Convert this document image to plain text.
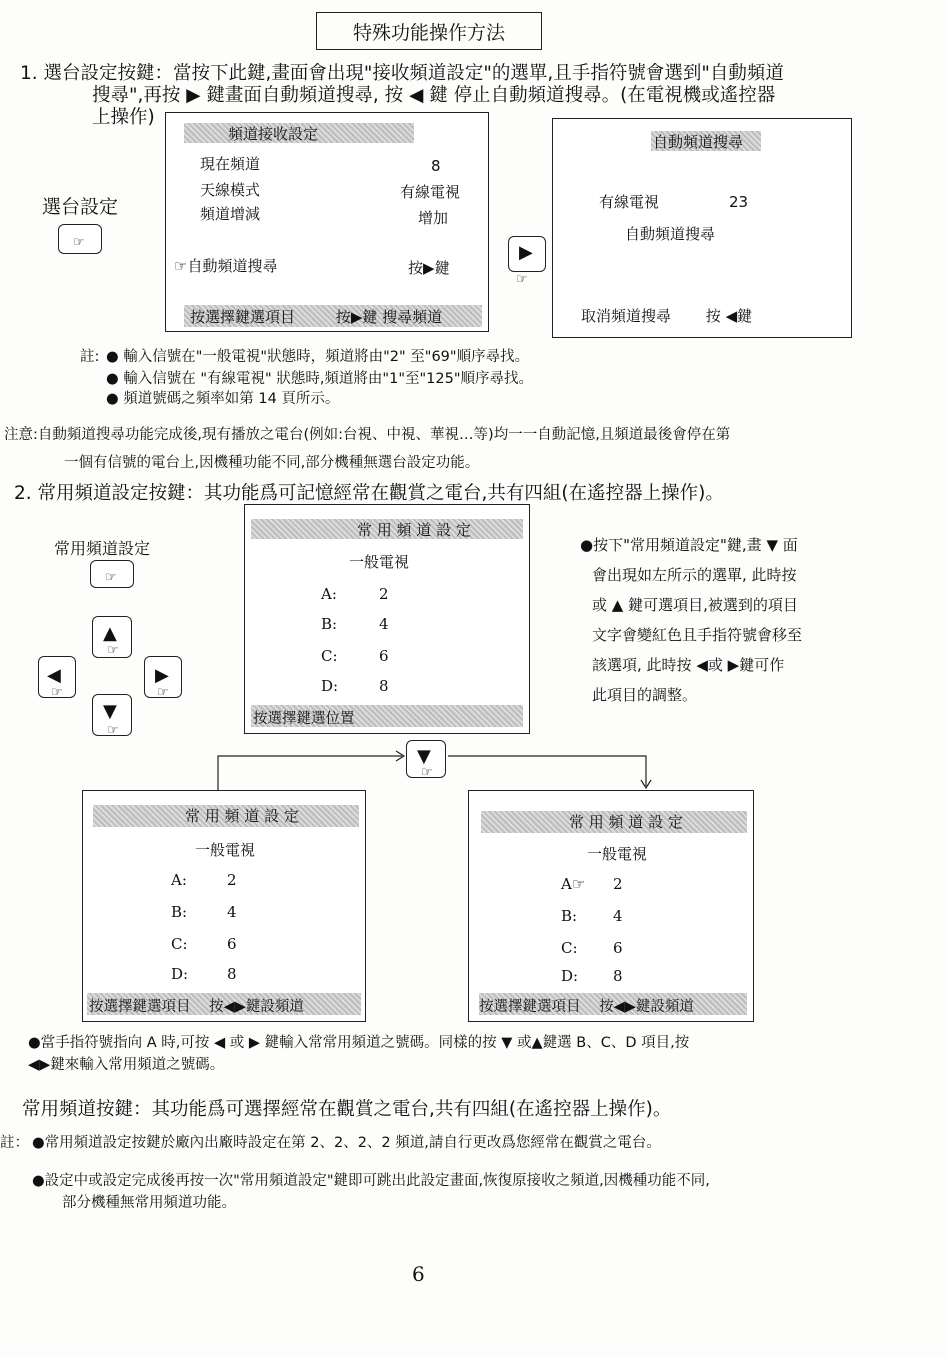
特殊功能操作方法
1. 選台設定按鍵：當按下此鍵,畫面會出現"接收頻道設定"的選單,且手指符號會選到"自動頻道
搜尋",再按 ▶ 鍵畫面自動頻道搜尋, 按 ◀ 鍵 停止自動頻道搜尋。(在電視機或遙控器
上操作)
選台設定
☞
頻道接收設定
現在頻道	8
天線模式	有線電視
頻道增減	增加
☞自動頻道搜尋	按▶鍵
按選擇鍵選項目	按▶鍵 搜尋頻道
▶
☞
自動頻道搜尋
有線電視	23
自動頻道搜尋
取消頻道搜尋 按 ◀鍵
註: ● 輸入信號在"一般電視"狀態時，頻道將由"2" 至"69"順序尋找。
● 輸入信號在 "有線電視" 狀態時,頻道將由"1"至"125"順序尋找。
● 頻道號碼之頻率如第 14 頁所示。
注意:自動頻道搜尋功能完成後,現有播放之電台(例如:台視、中視、華視…等)均一一自動記憶,且頻道最後會停在第
一個有信號的電台上,因機種功能不同,部分機種無選台設定功能。
2. 常用頻道設定按鍵：其功能爲可記憶經常在觀賞之電台,共有四組(在遙控器上操作)。
常用頻道設定
☞
▲
☞
◀
☞
▶
☞
▼
☞
常 用 頻 道 設 定
一般電視
A:	2
B:	4
C:	6
D:	8
按選擇鍵選位置
●按下"常用頻道設定"鍵,畫 ▼ 面
會出現如左所示的選單, 此時按
或 ▲ 鍵可選項目,被選到的項目
文字會變紅色且手指符號會移至
該選項, 此時按 ◀或 ▶鍵可作
此項目的調整。
▼
☞
常 用 頻 道 設 定
一般電視
A:	2
B:	4
C:	6
D:	8
按選擇鍵選項目 按◀▶鍵設頻道
常 用 頻 道 設 定
一般電視
A☞ 2
B: 4
C: 6
D: 8
按選擇鍵選項目 按◀▶鍵設頻道
●當手指符號指向 A 時,可按 ◀ 或 ▶ 鍵輸入常常用頻道之號碼。同樣的按 ▼ 或▲鍵選 B、C、D 項目,按
◀▶鍵來輸入常用頻道之號碼。
常用頻道按鍵：其功能爲可選擇經常在觀賞之電台,共有四組(在遙控器上操作)。
註： ●常用頻道設定按鍵於廠內出廠時設定在第 2、2、2、2 頻道,請自行更改爲您經常在觀賞之電台。
●設定中或設定完成後再按一次"常用頻道設定"鍵即可跳出此設定畫面,恢復原接收之頻道,因機種功能不同,
部分機種無常用頻道功能。
6
